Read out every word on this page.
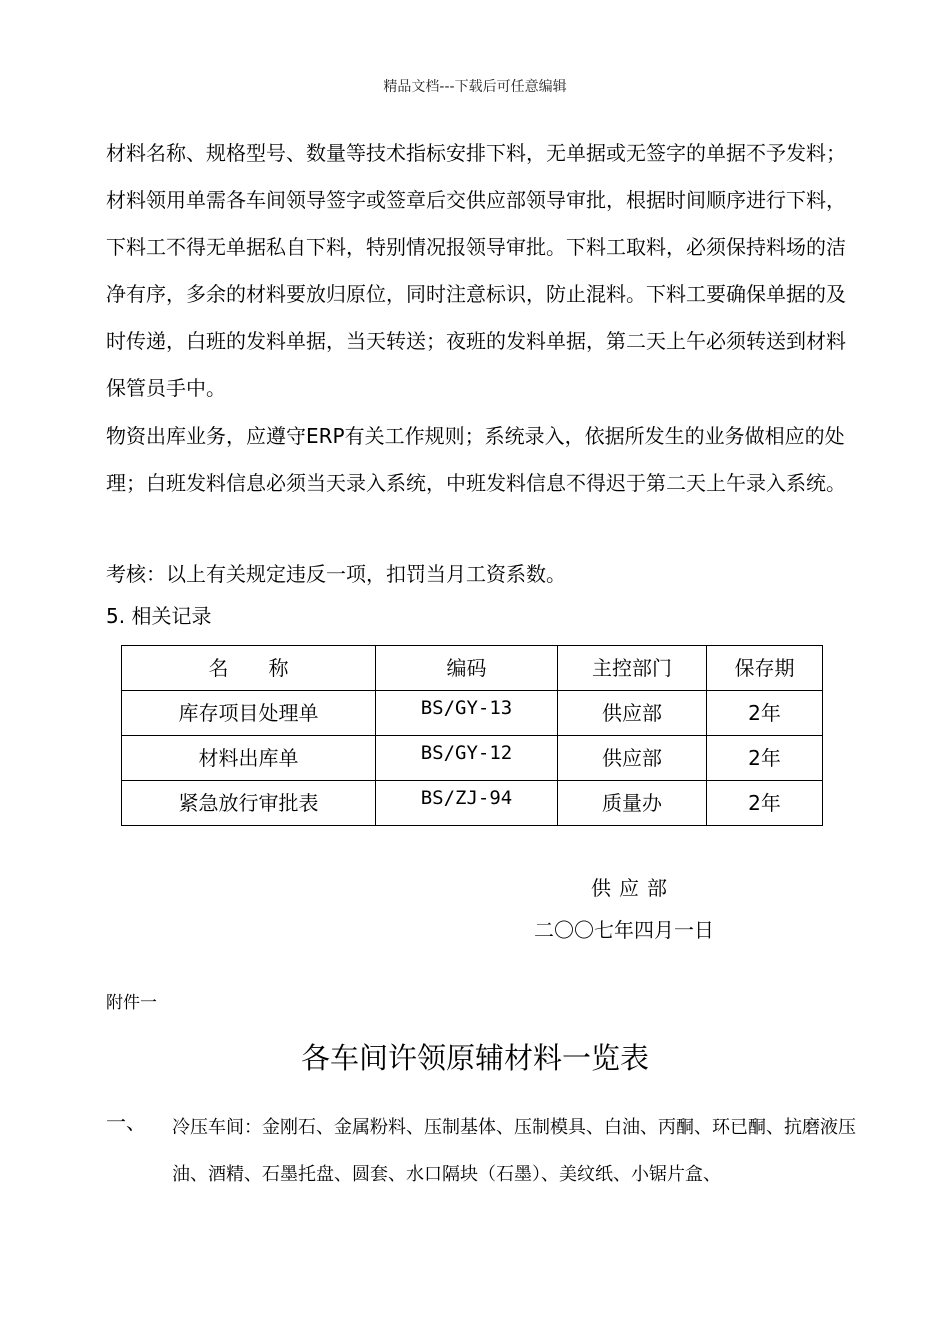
精品文档---下载后可任意编辑
材料名称、规格型号、数量等技术指标安排下料，无单据或无签字的单据不予发料；材料领用单需各车间领导签字或签章后交供应部领导审批，根据时间顺序进行下料，下料工不得无单据私自下料，特别情况报领导审批。下料工取料，必须保持料场的洁净有序，多余的材料要放归原位，同时注意标识，防止混料。下料工要确保单据的及时传递，白班的发料单据，当天转送；夜班的发料单据，第二天上午必须转送到材料保管员手中。
物资出库业务，应遵守ERP有关工作规则；系统录入，依据所发生的业务做相应的处理；白班发料信息必须当天录入系统，中班发料信息不得迟于第二天上午录入系统。
考核：以上有关规定违反一项，扣罚当月工资系数。
5. 相关记录
名　　称	编码	主控部门	保存期
库存项目处理单	BS/GY-13	供应部	2年
材料出库单	BS/GY-12	供应部	2年
紧急放行审批表	BS/ZJ-94	质量办	2年
供应部
二〇〇七年四月一日
附件一
各车间许领原辅材料一览表
一、 冷压车间：金刚石、金属粉料、压制基体、压制模具、白油、丙酮、环已酮、抗磨液压油、酒精、石墨托盘、圆套、水口隔块（石墨）、美纹纸、小锯片盒、
